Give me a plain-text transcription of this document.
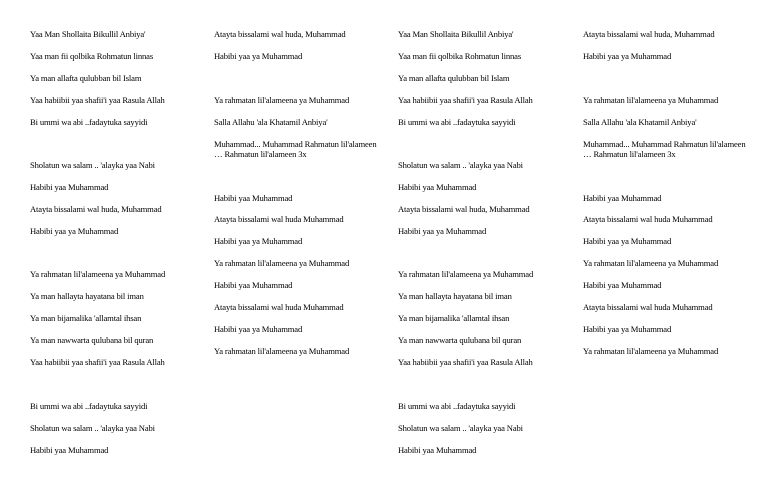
Yaa Man Shollaita Bikullil Anbiya'
Yaa man fii qolbika Rohmatun linnas
Ya man allafta qulubban bil Islam
Yaa habiibii yaa shafii'i yaa Rasula Allah
Bi ummi wa abi ..fadaytuka sayyidi
Sholatun wa salam .. 'alayka yaa Nabi
Habibi yaa Muhammad
Atayta bissalami wal huda, Muhammad
Habibi yaa ya Muhammad
Ya rahmatan lil'alameena ya Muhammad
Ya man hallayta hayatana bil iman
Ya man bijamalika 'allamtal ihsan
Ya man nawwarta qulubana bil quran
Yaa habiibii yaa shafii'i yaa Rasula Allah
Bi ummi wa abi ..fadaytuka sayyidi
Sholatun wa salam .. 'alayka yaa Nabi
Habibi yaa Muhammad
Atayta bissalami wal huda, Muhammad
Habibi yaa ya Muhammad
Ya rahmatan lil'alameena ya Muhammad
Salla Allahu 'ala Khatamil Anbiya'
Muhammad... Muhammad Rahmatun lil'alameen … Rahmatun lil'alameen 3x
Habibi yaa Muhammad
Atayta bissalami wal huda Muhammad
Habibi yaa ya Muhammad
Ya rahmatan lil'alameena ya Muhammad
Habibi yaa Muhammad
Atayta bissalami wal huda Muhammad
Habibi yaa ya Muhammad
Ya rahmatan lil'alameena ya Muhammad
Yaa Man Shollaita Bikullil Anbiya'
Yaa man fii qolbika Rohmatun linnas
Ya man allafta qulubban bil Islam
Yaa habiibii yaa shafii'i yaa Rasula Allah
Bi ummi wa abi ..fadaytuka sayyidi
Sholatun wa salam .. 'alayka yaa Nabi
Habibi yaa Muhammad
Atayta bissalami wal huda, Muhammad
Habibi yaa ya Muhammad
Ya rahmatan lil'alameena ya Muhammad
Ya man hallayta hayatana bil iman
Ya man bijamalika 'allamtal ihsan
Ya man nawwarta qulubana bil quran
Yaa habiibii yaa shafii'i yaa Rasula Allah
Bi ummi wa abi ..fadaytuka sayyidi
Sholatun wa salam .. 'alayka yaa Nabi
Habibi yaa Muhammad
Atayta bissalami wal huda, Muhammad
Habibi yaa ya Muhammad
Ya rahmatan lil'alameena ya Muhammad
Salla Allahu 'ala Khatamil Anbiya'
Muhammad... Muhammad Rahmatun lil'alameen … Rahmatun lil'alameen 3x
Habibi yaa Muhammad
Atayta bissalami wal huda Muhammad
Habibi yaa ya Muhammad
Ya rahmatan lil'alameena ya Muhammad
Habibi yaa Muhammad
Atayta bissalami wal huda Muhammad
Habibi yaa ya Muhammad
Ya rahmatan lil'alameena ya Muhammad
